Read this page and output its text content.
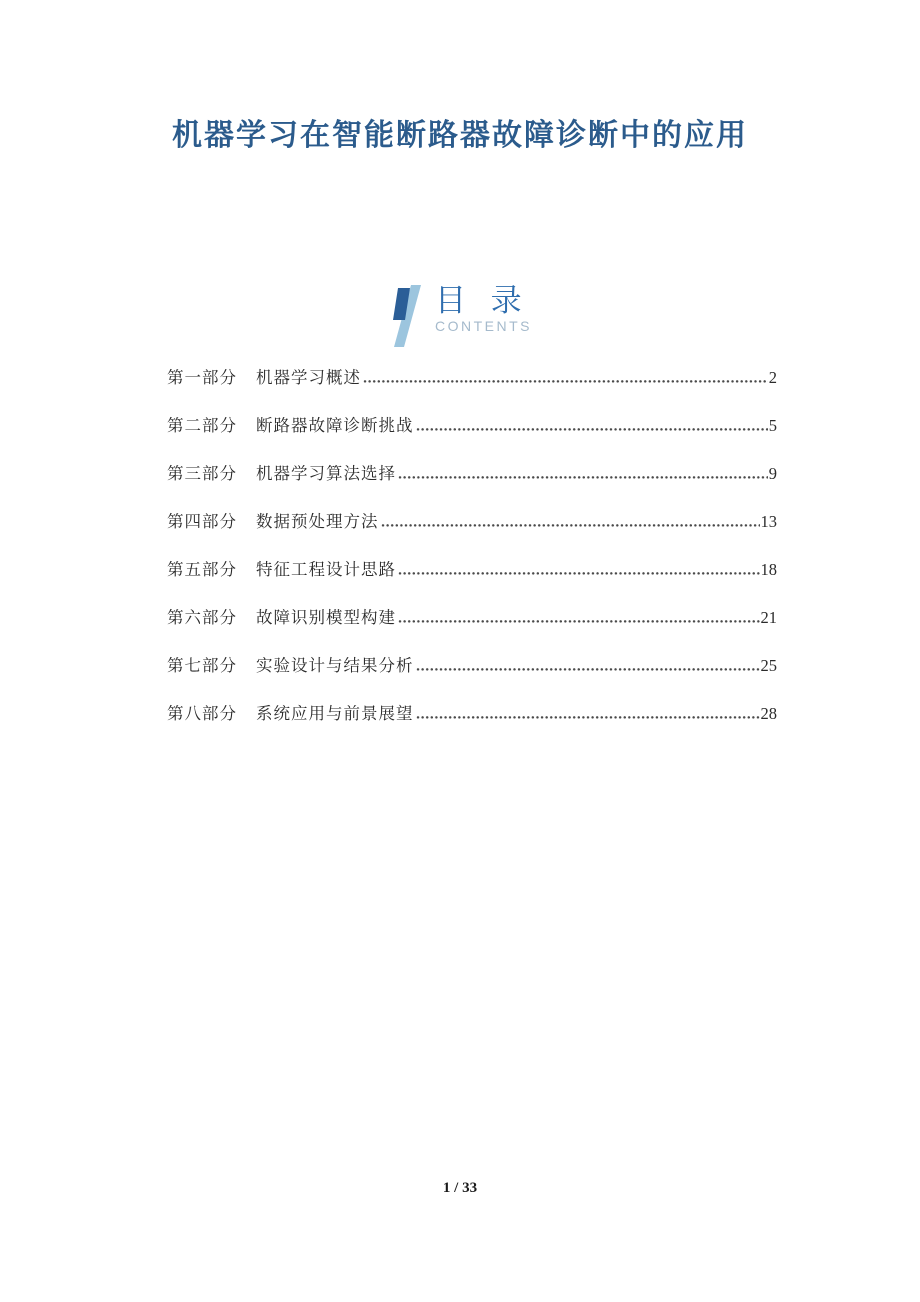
机器学习在智能断路器故障诊断中的应用
目 录
CONTENTS
第一部分 机器学习概述	2
第二部分 断路器故障诊断挑战	5
第三部分 机器学习算法选择	9
第四部分 数据预处理方法	13
第五部分 特征工程设计思路	18
第六部分 故障识别模型构建	21
第七部分 实验设计与结果分析	25
第八部分 系统应用与前景展望	28
1 / 33
